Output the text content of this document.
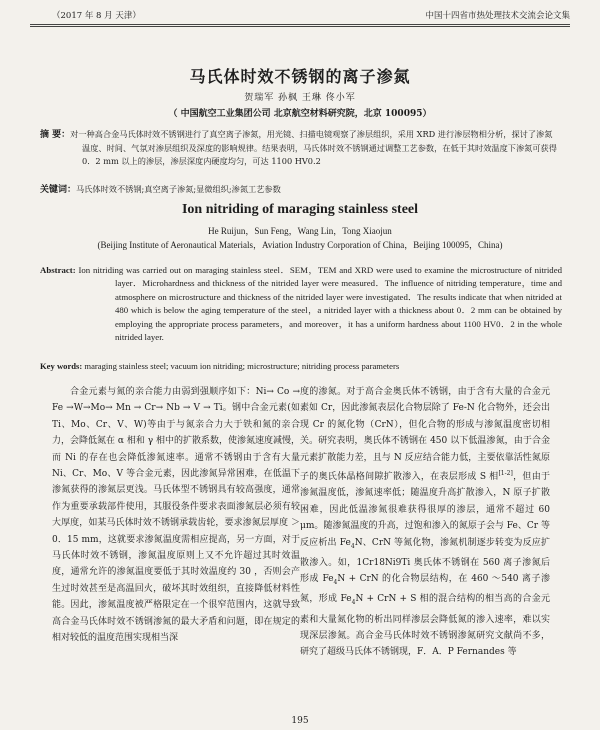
（2017 年 8 月 天津）	中国十四省市热处理技术交流会论文集
马氏体时效不锈钢的离子渗氮
贺瑞军 孙枫 王琳 佟小军
（ 中国航空工业集团公司 北京航空材料研究院，北京 100095）
摘 要：对一种高合金马氏体时效不锈钢进行了真空离子渗氮，用光镜、扫描电镜观察了渗层组织，采用 XRD 进行渗层物相分析，探讨了渗氮温度、时间、气氛对渗层组织及深度的影响规律。结果表明，马氏体时效不锈钢通过调整工艺参数，在低于其时效温度下渗氮可获得 0．2 mm 以上的渗层，渗层深度内硬度均匀，可达 1100 HV0.2
关键词：马氏体时效不锈钢;真空离子渗氮;显微组织;渗氮工艺参数
Ion nitriding of maraging stainless steel
He Ruijun，Sun Feng，Wang Lin，Tong Xiaojun
(Beijing Institute of Aeronautical Materials，Aviation Industry Corporation of China，Beijing 100095，China)
Abstract: Ion nitriding was carried out on maraging stainless steel．SEM，TEM and XRD were used to examine the microstructure of nitrided layer．Microhardness and thickness of the nitrided layer were measured．The influence of nitriding temperature，time and atmosphere on microstructure and thickness of the nitrided layer were investigated．The results indicate that when nitrided at 480 which is below the aging temperature of the steel，a nitrided layer with a thickness about 0．2 mm can be obtained by employing the appropriate process parameters，and moreover，it has a uniform hardness about 1100 HV0．2 in the whole nitrided layer.
Key words: maraging stainless steel; vacuum ion nitriding; microstructure; nitriding process parameters

合金元素与氮的亲合能力由弱到强顺序如下：Ni→ Co → Fe →W→Mo→ Mn → Cr→ Nb → V → Ti。钢中合金元素(如 Ti、Mo、Cr、V、W)等由于与氮亲合力大于铁和氮的亲合力，会降低氮在 α 相和 γ 相中的扩散系数，使渗氮速度减慢，而 Ni 的存在也会降低渗氮速率。通常不锈钢由于含有大量 Ni、Cr、Mo、V 等合金元素，因此渗氮异常困难，在低温下渗氮获得的渗氮层更浅。马氏体型不锈钢具有较高强度，通常作为重要承载部件使用，其服役条件要求表面渗氮层必须有较大厚度，如某马氏体时效不锈钢承载齿轮，要求渗氮层厚度 ＞ 0．15 mm，这就要求渗氮温度需相应提高，另一方面，对于马氏体时效不锈钢，渗氮温度原则上又不允许超过其时效温度，通常允许的渗氮温度要低于其时效温度约 30 ，否则会产生过时效甚至是高温回火，破坏其时效组织，直接降低材料性能。因此，渗氮温度被严格限定在一个很窄范围内，这就导致高合金马氏体时效不锈钢渗氮的最大矛盾和问题，即在规定的相对较低的温度范围实现相当深

度的渗氮。对于高合金奥氏体不锈钢，由于含有大量的合金元素如 Cr，因此渗氮表层化合物层除了 Fe-N 化合物外，还会出现 Cr 的氮化物（CrN），但化合物的形成与渗氮温度密切相关。研究表明，奥氏体不锈钢在 450 以下低温渗氮，由于合金元素扩散能力差，且与 N 反应结合能力低，主要依靠活性氮原子的奥氏体晶格间隙扩散渗入，在表层形成 S 相[1-2]，但由于渗氮温度低，渗氮速率低；随温度升高扩散渗入，N 原子扩散困难，因此低温渗氮很难获得很厚的渗层，通常不超过 60 μm。随渗氮温度的升高，过饱和渗入的氮原子会与 Fe、Cr 等反应析出 $Fe_4N$、CrN 等氮化物，渗氮机制逐步转变为反应扩散渗入。如，1Cr18Ni9Ti 奥氏体不锈钢在 560 离子渗氮后形成 $Fe_4N$ + CrN 的化合物层结构，在 460 ～540 离子渗氮，形成 $Fe_4N$ + CrN + S 相的混合结构的相当高的合金元素和大量氮化物的析出同样渗层会降低氮的渗入速率，难以实现深层渗氮。高合金马氏体时效不锈钢渗氮研究文献尚不多，研究了超级马氏体不锈钢现，F．A．P Fernandes 等

195
